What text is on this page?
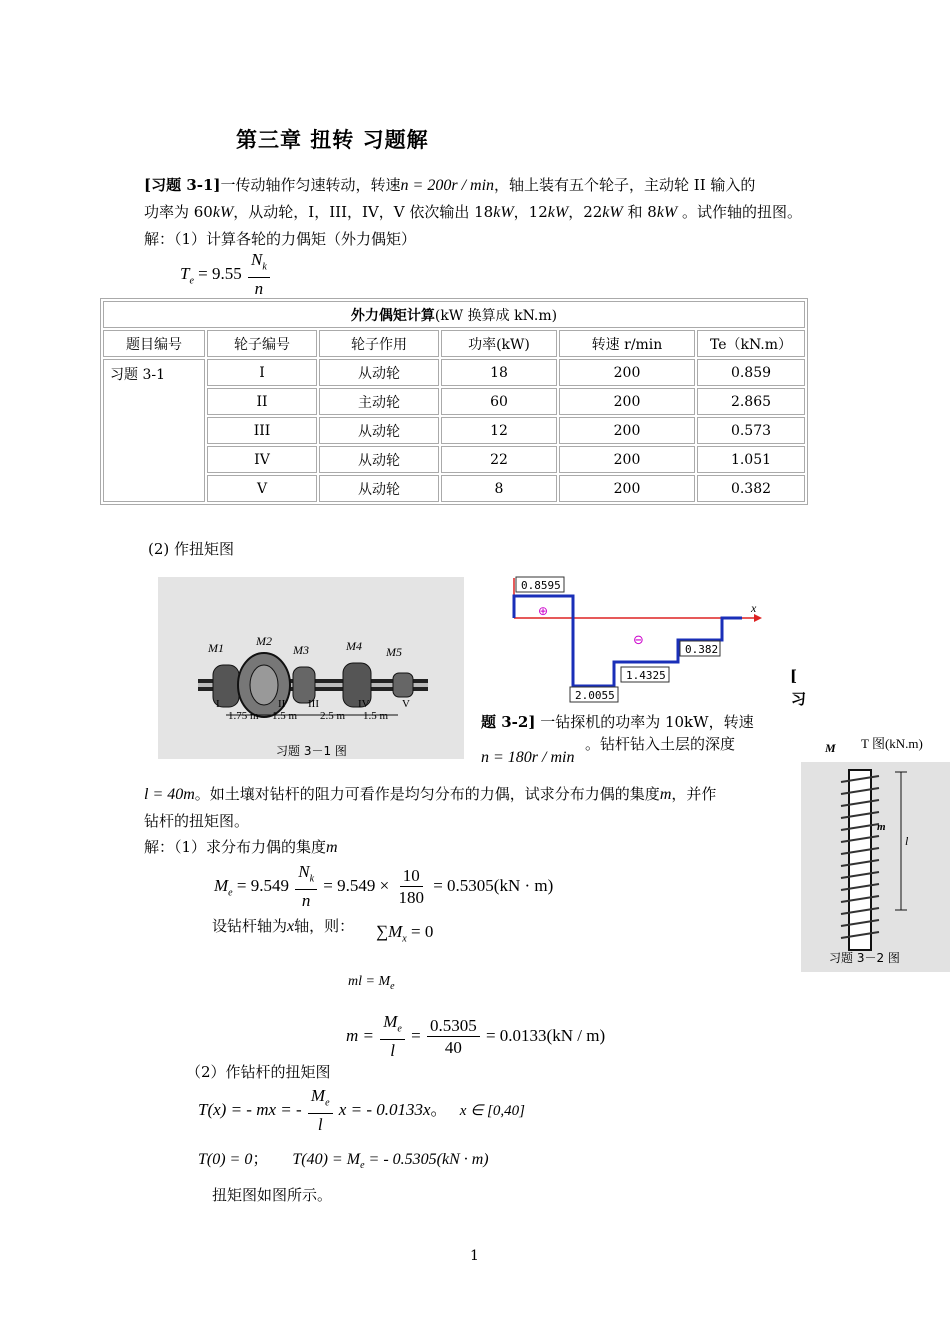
第三章 扭转 习题解
[习题 3-1]一传动轴作匀速转动，转速n = 200r / min，轴上装有五个轮子，主动轮 II 输入的
功率为 60kW，从动轮，I，III，IV，V 依次输出 18kW，12kW，22kW 和 8kW 。试作轴的扭图。
解：（1）计算各轮的力偶矩（外力偶矩）
$T_e = 9.55 \frac{N_k}{n}$
外力偶矩计算(kW 换算成 kN.m)					
题目编号	轮子编号	轮子作用	功率(kW)	转速 r/min	Te（kN.m）
习题 3-1	I	从动轮	18	200	0.859
	II	主动轮	60	200	2.865
	III	从动轮	12	200	0.573
	IV	从动轮	22	200	1.051
	V	从动轮	8	200	0.382
(2) 作扭矩图
M1	M2
M3	M4 M5
I	II III	IV	V
1.75 m 1.5 m 2.5 m 1.5 m
习题 3－1 图
x
0.8595
⊕
⊖
2.0055
1.4325
0.382
[
习
题 3-2] 一钻探机的功率为 10kW，转速
。钻杆钻入土层的深度
n = 180r / min
M T 图(kN.m)
m
l
习题 3－2 图
l = 40m。如土壤对钻杆的阻力可看作是均匀分布的力偶，试求分布力偶的集度m，并作
钻杆的扭矩图。
解：（1）求分布力偶的集度m
$M_e = 9.549 \frac{N_k}{n} = 9.549 \times \frac{10}{180} = 0.5305(kN \cdot m)$
设钻杆轴为x轴，则： $\sum M_x = 0$
ml = $M_e$
$m = \frac{M_e}{l} = \frac{0.5305}{40} = 0.0133(kN / m)$
（2）作钻杆的扭矩图
T(x) = - mx = - $\frac{M_e}{l}$ x = - 0.0133x。 x ∈ [0,40]
T(0) = 0； $T(40) = M_e$ = - 0.5305(kN · m)
扭矩图如图所示。
1
